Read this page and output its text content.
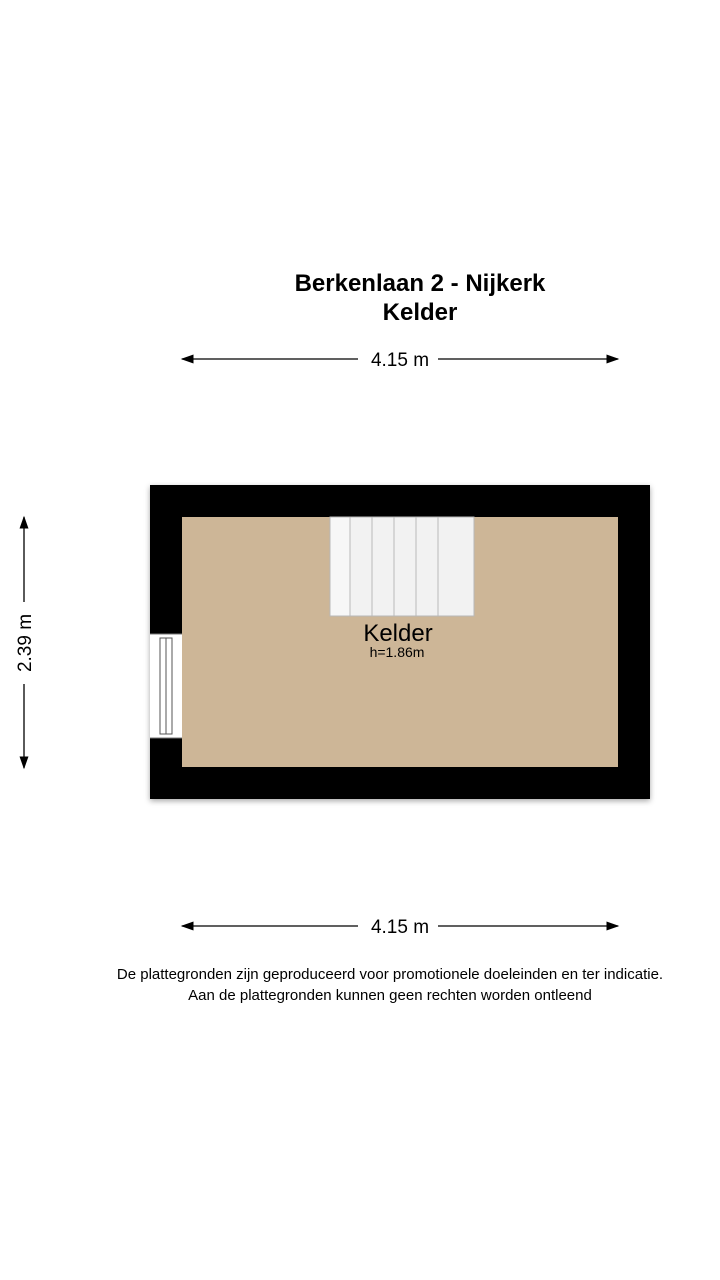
Berkenlaan 2 - Nijkerk
Kelder
4.15 m
2.39 m	Kelder
h=1.86m
4.15 m
De plattegronden zijn geproduceerd voor promotionele doeleinden en ter indicatie.
Aan de plattegronden kunnen geen rechten worden ontleend
